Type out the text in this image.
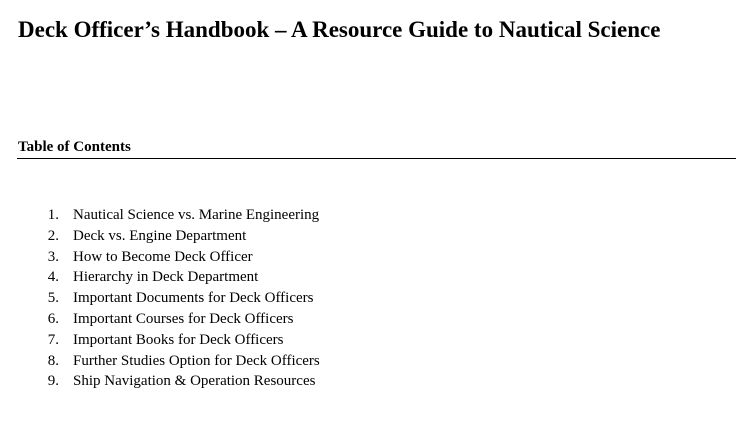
Deck Officer’s Handbook – A Resource Guide to Nautical Science
Table of Contents
1. Nautical Science vs. Marine Engineering
2. Deck vs. Engine Department
3. How to Become Deck Officer
4. Hierarchy in Deck Department
5. Important Documents for Deck Officers
6. Important Courses for Deck Officers
7. Important Books for Deck Officers
8. Further Studies Option for Deck Officers
9. Ship Navigation & Operation Resources
